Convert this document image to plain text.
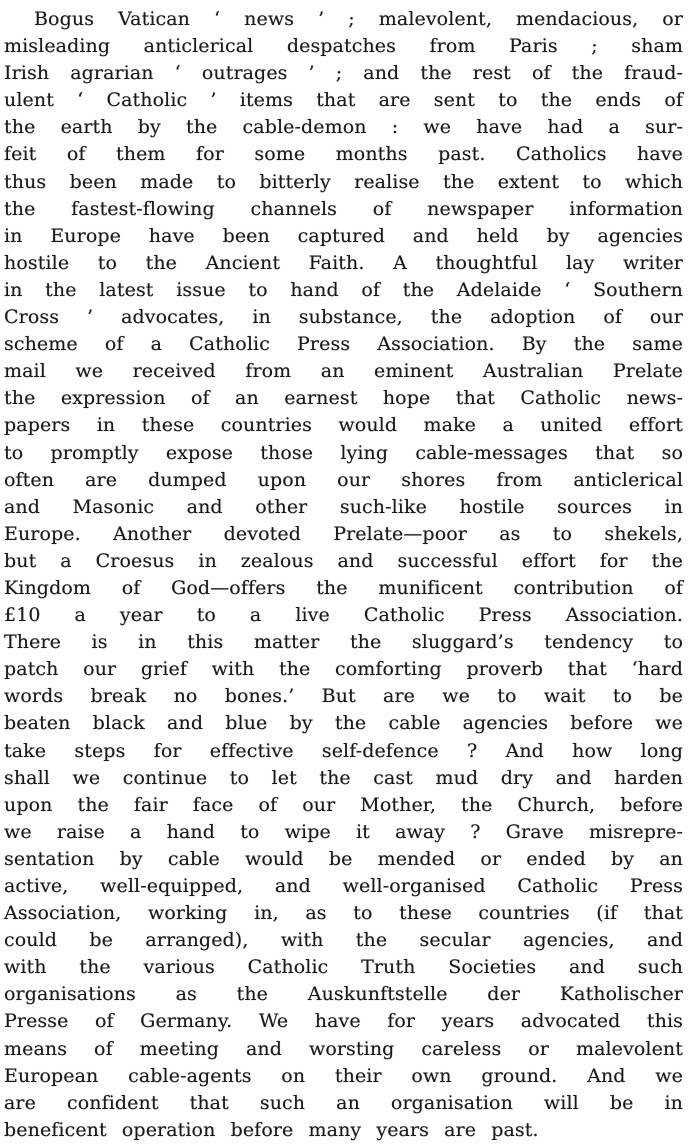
Bogus Vatican ‘ news ’ ; malevolent, mendacious, or
misleading anticlerical despatches from Paris ; sham
Irish agrarian ‘ outrages ’ ; and the rest of the fraud-
ulent ‘ Catholic ’ items that are sent to the ends of
the earth by the cable-demon : we have had a sur-
feit of them for some months past. Catholics have
thus been made to bitterly realise the extent to which
the fastest-flowing channels of newspaper information
in Europe have been captured and held by agencies
hostile to the Ancient Faith. A thoughtful lay writer
in the latest issue to hand of the Adelaide ‘ Southern
Cross ’ advocates, in substance, the adoption of our
scheme of a Catholic Press Association. By the same
mail we received from an eminent Australian Prelate
the expression of an earnest hope that Catholic news-
papers in these countries would make a united effort
to promptly expose those lying cable-messages that so
often are dumped upon our shores from anticlerical
and Masonic and other such-like hostile sources in
Europe. Another devoted Prelate—poor as to shekels,
but a Croesus in zealous and successful effort for the
Kingdom of God—offers the munificent contribution of
£10 a year to a live Catholic Press Association.
There is in this matter the sluggard’s tendency to
patch our grief with the comforting proverb that ‘hard
words break no bones.’ But are we to wait to be
beaten black and blue by the cable agencies before we
take steps for effective self-defence ? And how long
shall we continue to let the cast mud dry and harden
upon the fair face of our Mother, the Church, before
we raise a hand to wipe it away ? Grave misrepre-
sentation by cable would be mended or ended by an
active, well-equipped, and well-organised Catholic Press
Association, working in, as to these countries (if that
could be arranged), with the secular agencies, and
with the various Catholic Truth Societies and such
organisations as the Auskunftstelle der Katholischer
Presse of Germany. We have for years advocated this
means of meeting and worsting careless or malevolent
European cable-agents on their own ground. And we
are confident that such an organisation will be in
beneficent operation before many years are past.
